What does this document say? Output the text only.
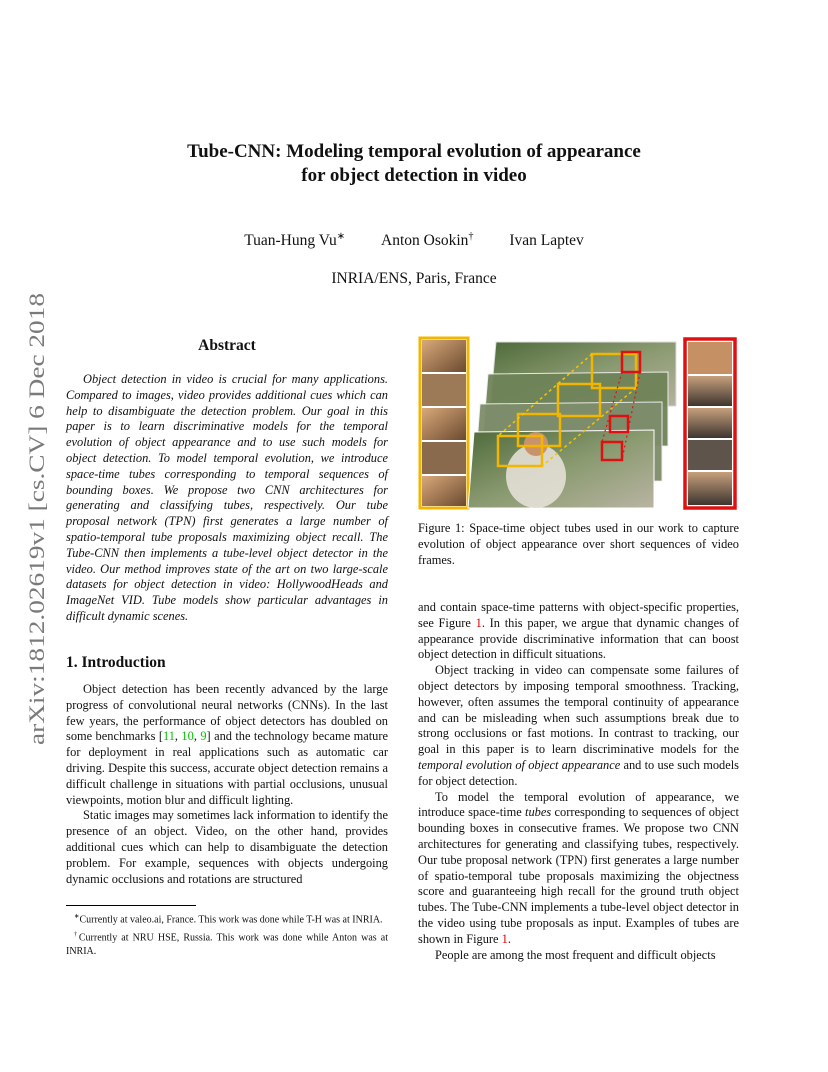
Tube-CNN: Modeling temporal evolution of appearance
for object detection in video
Tuan-Hung Vu∗ Anton Osokin† Ivan Laptev
INRIA/ENS, Paris, France
arXiv:1812.02619v1 [cs.CV] 6 Dec 2018
Abstract
Object detection in video is crucial for many applications. Compared to images, video provides additional cues which can help to disambiguate the detection problem. Our goal in this paper is to learn discriminative models for the temporal evolution of object appearance and to use such models for object detection. To model temporal evolution, we introduce space-time tubes corresponding to temporal sequences of bounding boxes. We propose two CNN architectures for generating and classifying tubes, respectively. Our tube proposal network (TPN) first generates a large number of spatio-temporal tube proposals maximizing object recall. The Tube-CNN then implements a tube-level object detector in the video. Our method improves state of the art on two large-scale datasets for object detection in video: HollywoodHeads and ImageNet VID. Tube models show particular advantages in difficult dynamic scenes.
1. Introduction

Object detection has been recently advanced by the large progress of convolutional neural networks (CNNs). In the last few years, the performance of object detectors has doubled on some benchmarks [11, 10, 9] and the technology became mature for deployment in real applications such as automatic car driving. Despite this success, accurate object detection remains a difficult challenge in situations with partial occlusions, unusual viewpoints, motion blur and difficult lighting.

Static images may sometimes lack information to identify the presence of an object. Video, on the other hand, provides additional cues which can help to disambiguate the detection problem. For example, sequences with objects undergoing dynamic occlusions and rotations are structured

∗Currently at valeo.ai, France. This work was done while T-H was at INRIA.

†Currently at NRU HSE, Russia. This work was done while Anton was at INRIA.

Figure 1: Space-time object tubes used in our work to capture evolution of object appearance over short sequences of video frames.

and contain space-time patterns with object-specific properties, see Figure 1. In this paper, we argue that dynamic changes of appearance provide discriminative information that can boost object detection in difficult situations.

Object tracking in video can compensate some failures of object detectors by imposing temporal smoothness. Tracking, however, often assumes the temporal continuity of appearance and can be misleading when such assumptions break due to strong occlusions or fast motions. In contrast to tracking, our goal in this paper is to learn discriminative models for the temporal evolution of object appearance and to use such models for object detection.

To model the temporal evolution of appearance, we introduce space-time tubes corresponding to sequences of object bounding boxes in consecutive frames. We propose two CNN architectures for generating and classifying tubes, respectively. Our tube proposal network (TPN) first generates a large number of spatio-temporal tube proposals maximizing the objectness score and guaranteeing high recall for the ground truth object tubes. The Tube-CNN implements a tube-level object detector in the video using tube proposals as input. Examples of tubes are shown in Figure 1.

People are among the most frequent and difficult objects
